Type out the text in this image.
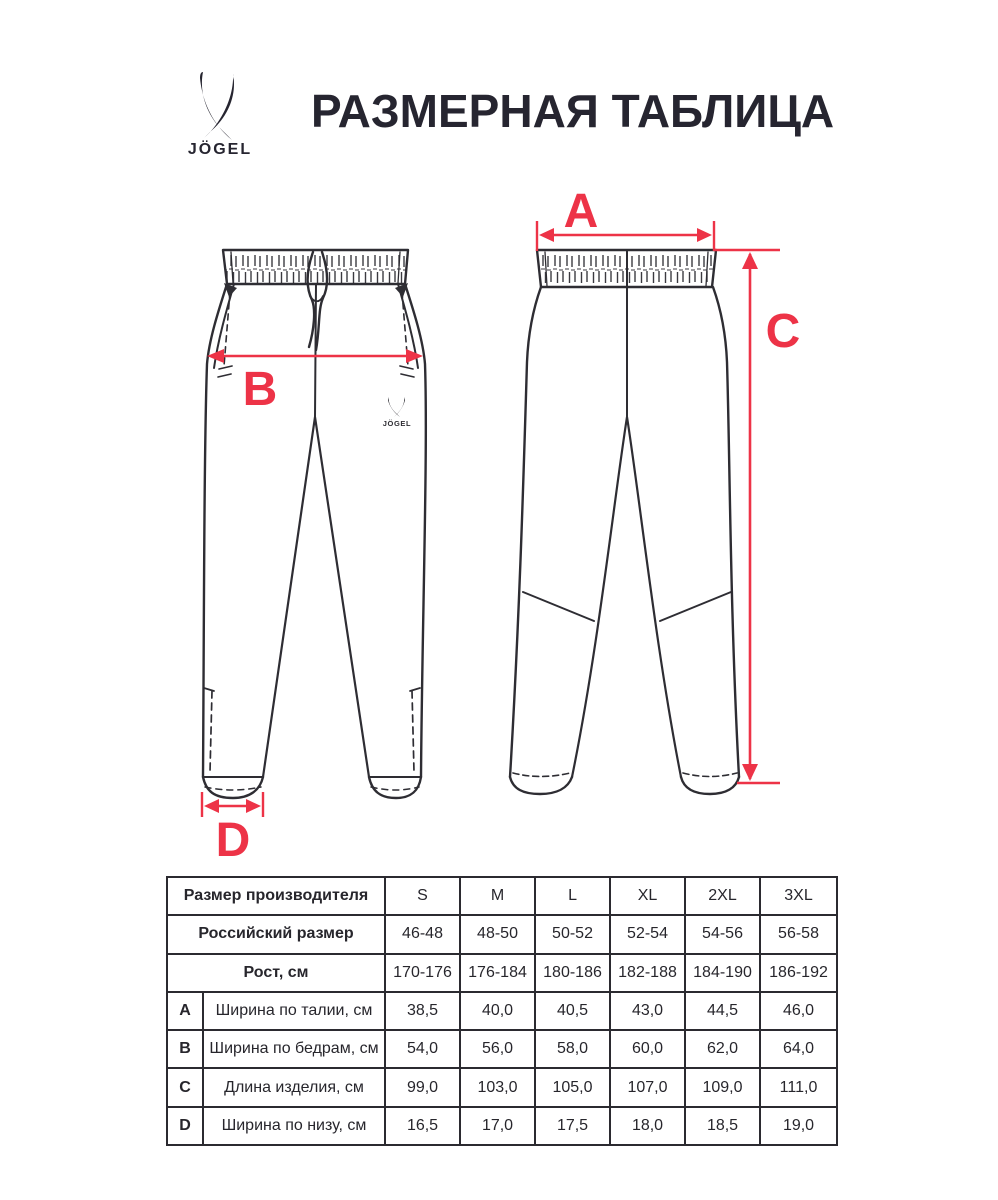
JÖGEL
B
D
A
C
РАЗМЕРНАЯ ТАБЛИЦА
JÖGEL
Размер производителя		S	M	L	XL	2XL	3XL
Российский размер		46-48	48-50	50-52	52-54	54-56	56-58
Рост, см		170-176	176-184	180-186	182-188	184-190	186-192
A	Ширина по талии, см	38,5	40,0	40,5	43,0	44,5	46,0
B	Ширина по бедрам, см	54,0	56,0	58,0	60,0	62,0	64,0
C	Длина изделия, см	99,0	103,0	105,0	107,0	109,0	111,0
D	Ширина по низу, см	16,5	17,0	17,5	18,0	18,5	19,0
